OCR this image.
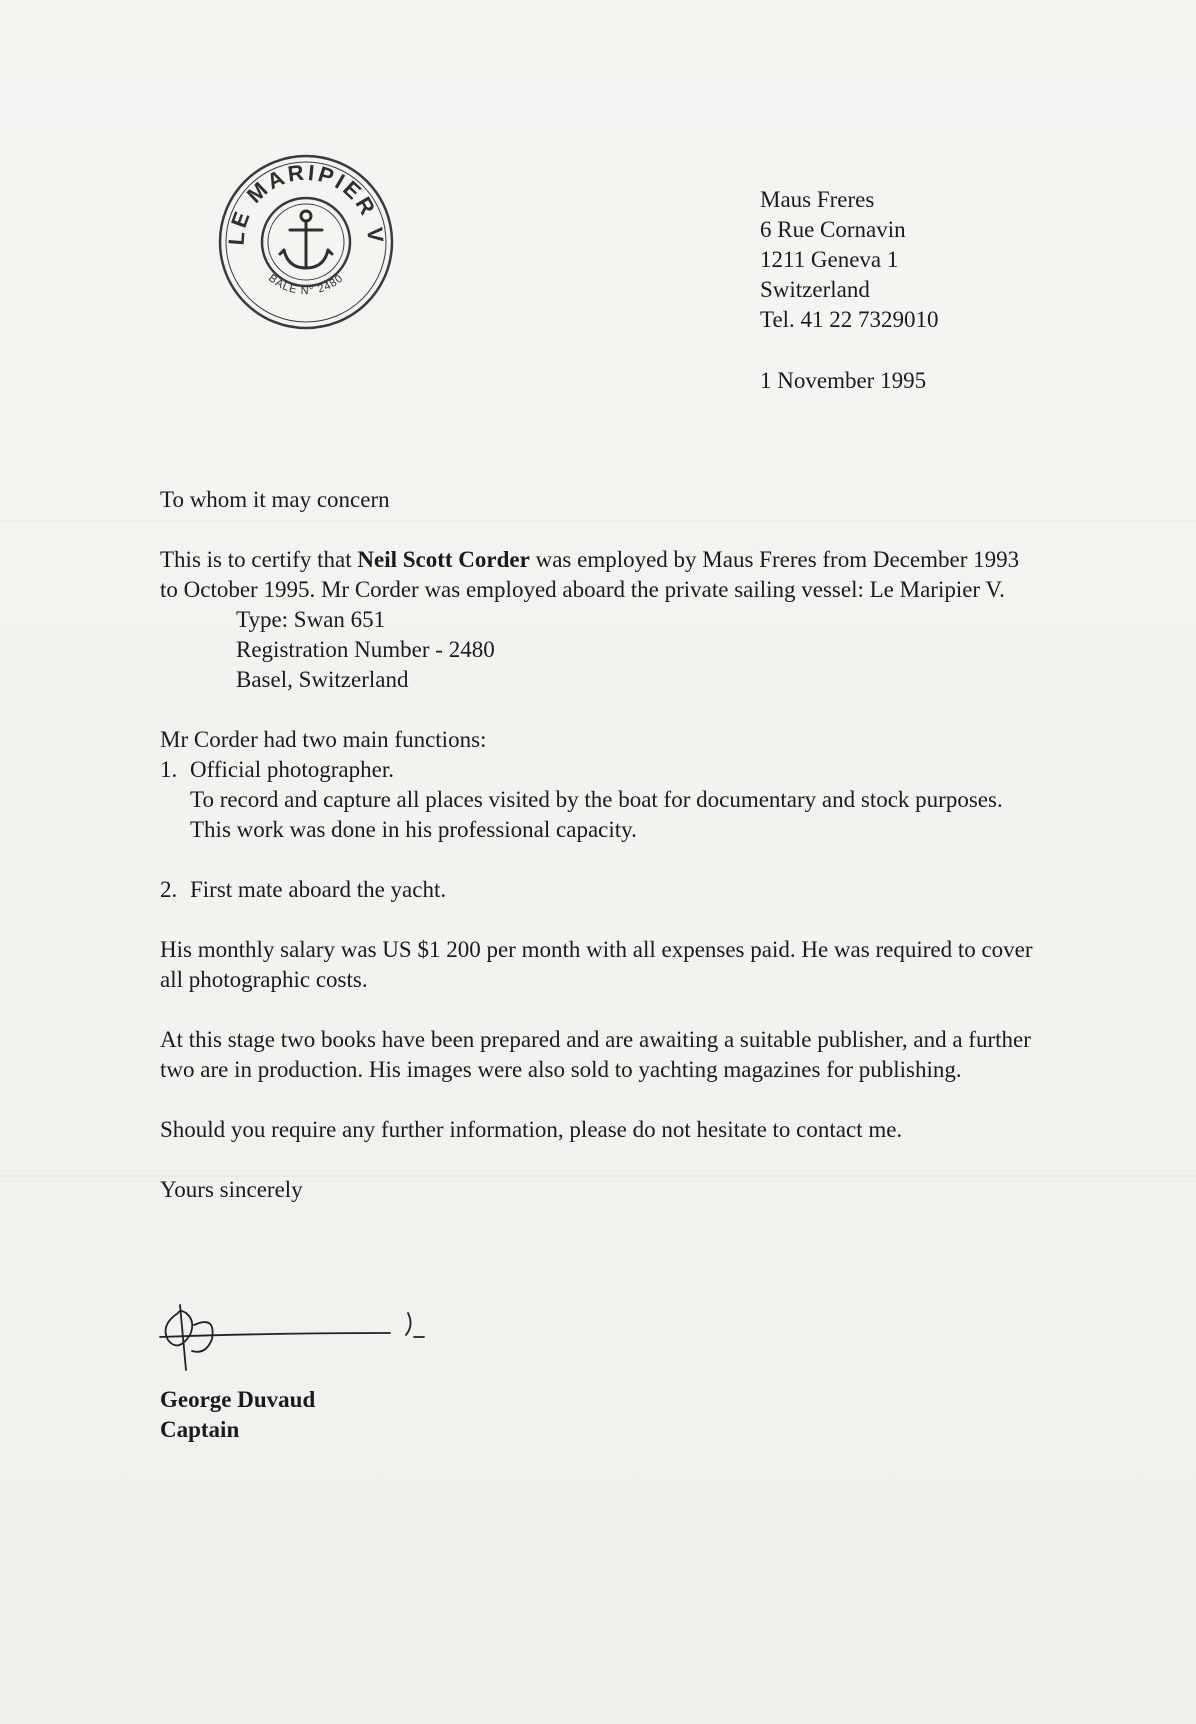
LE MARIPIER V
BALE N° 2480
Maus Freres
6 Rue Cornavin
1211 Geneva 1
Switzerland
Tel. 41 22 7329010
1 November 1995

To whom it may concern

This is to certify that Neil Scott Corder was employed by Maus Freres from December 1993 to October 1995. Mr Corder was employed aboard the private sailing vessel: Le Maripier V.

Type: Swan 651
Registration Number - 2480
Basel, Switzerland

Mr Corder had two main functions:

1. Official photographer.
To record and capture all places visited by the boat for documentary and stock purposes. This work was done in his professional capacity.
2. First mate aboard the yacht.

His monthly salary was US $1 200 per month with all expenses paid. He was required to cover all photographic costs.

At this stage two books have been prepared and are awaiting a suitable publisher, and a further two are in production. His images were also sold to yachting magazines for publishing.

Should you require any further information, please do not hesitate to contact me.

Yours sincerely

George Duvaud
Captain
